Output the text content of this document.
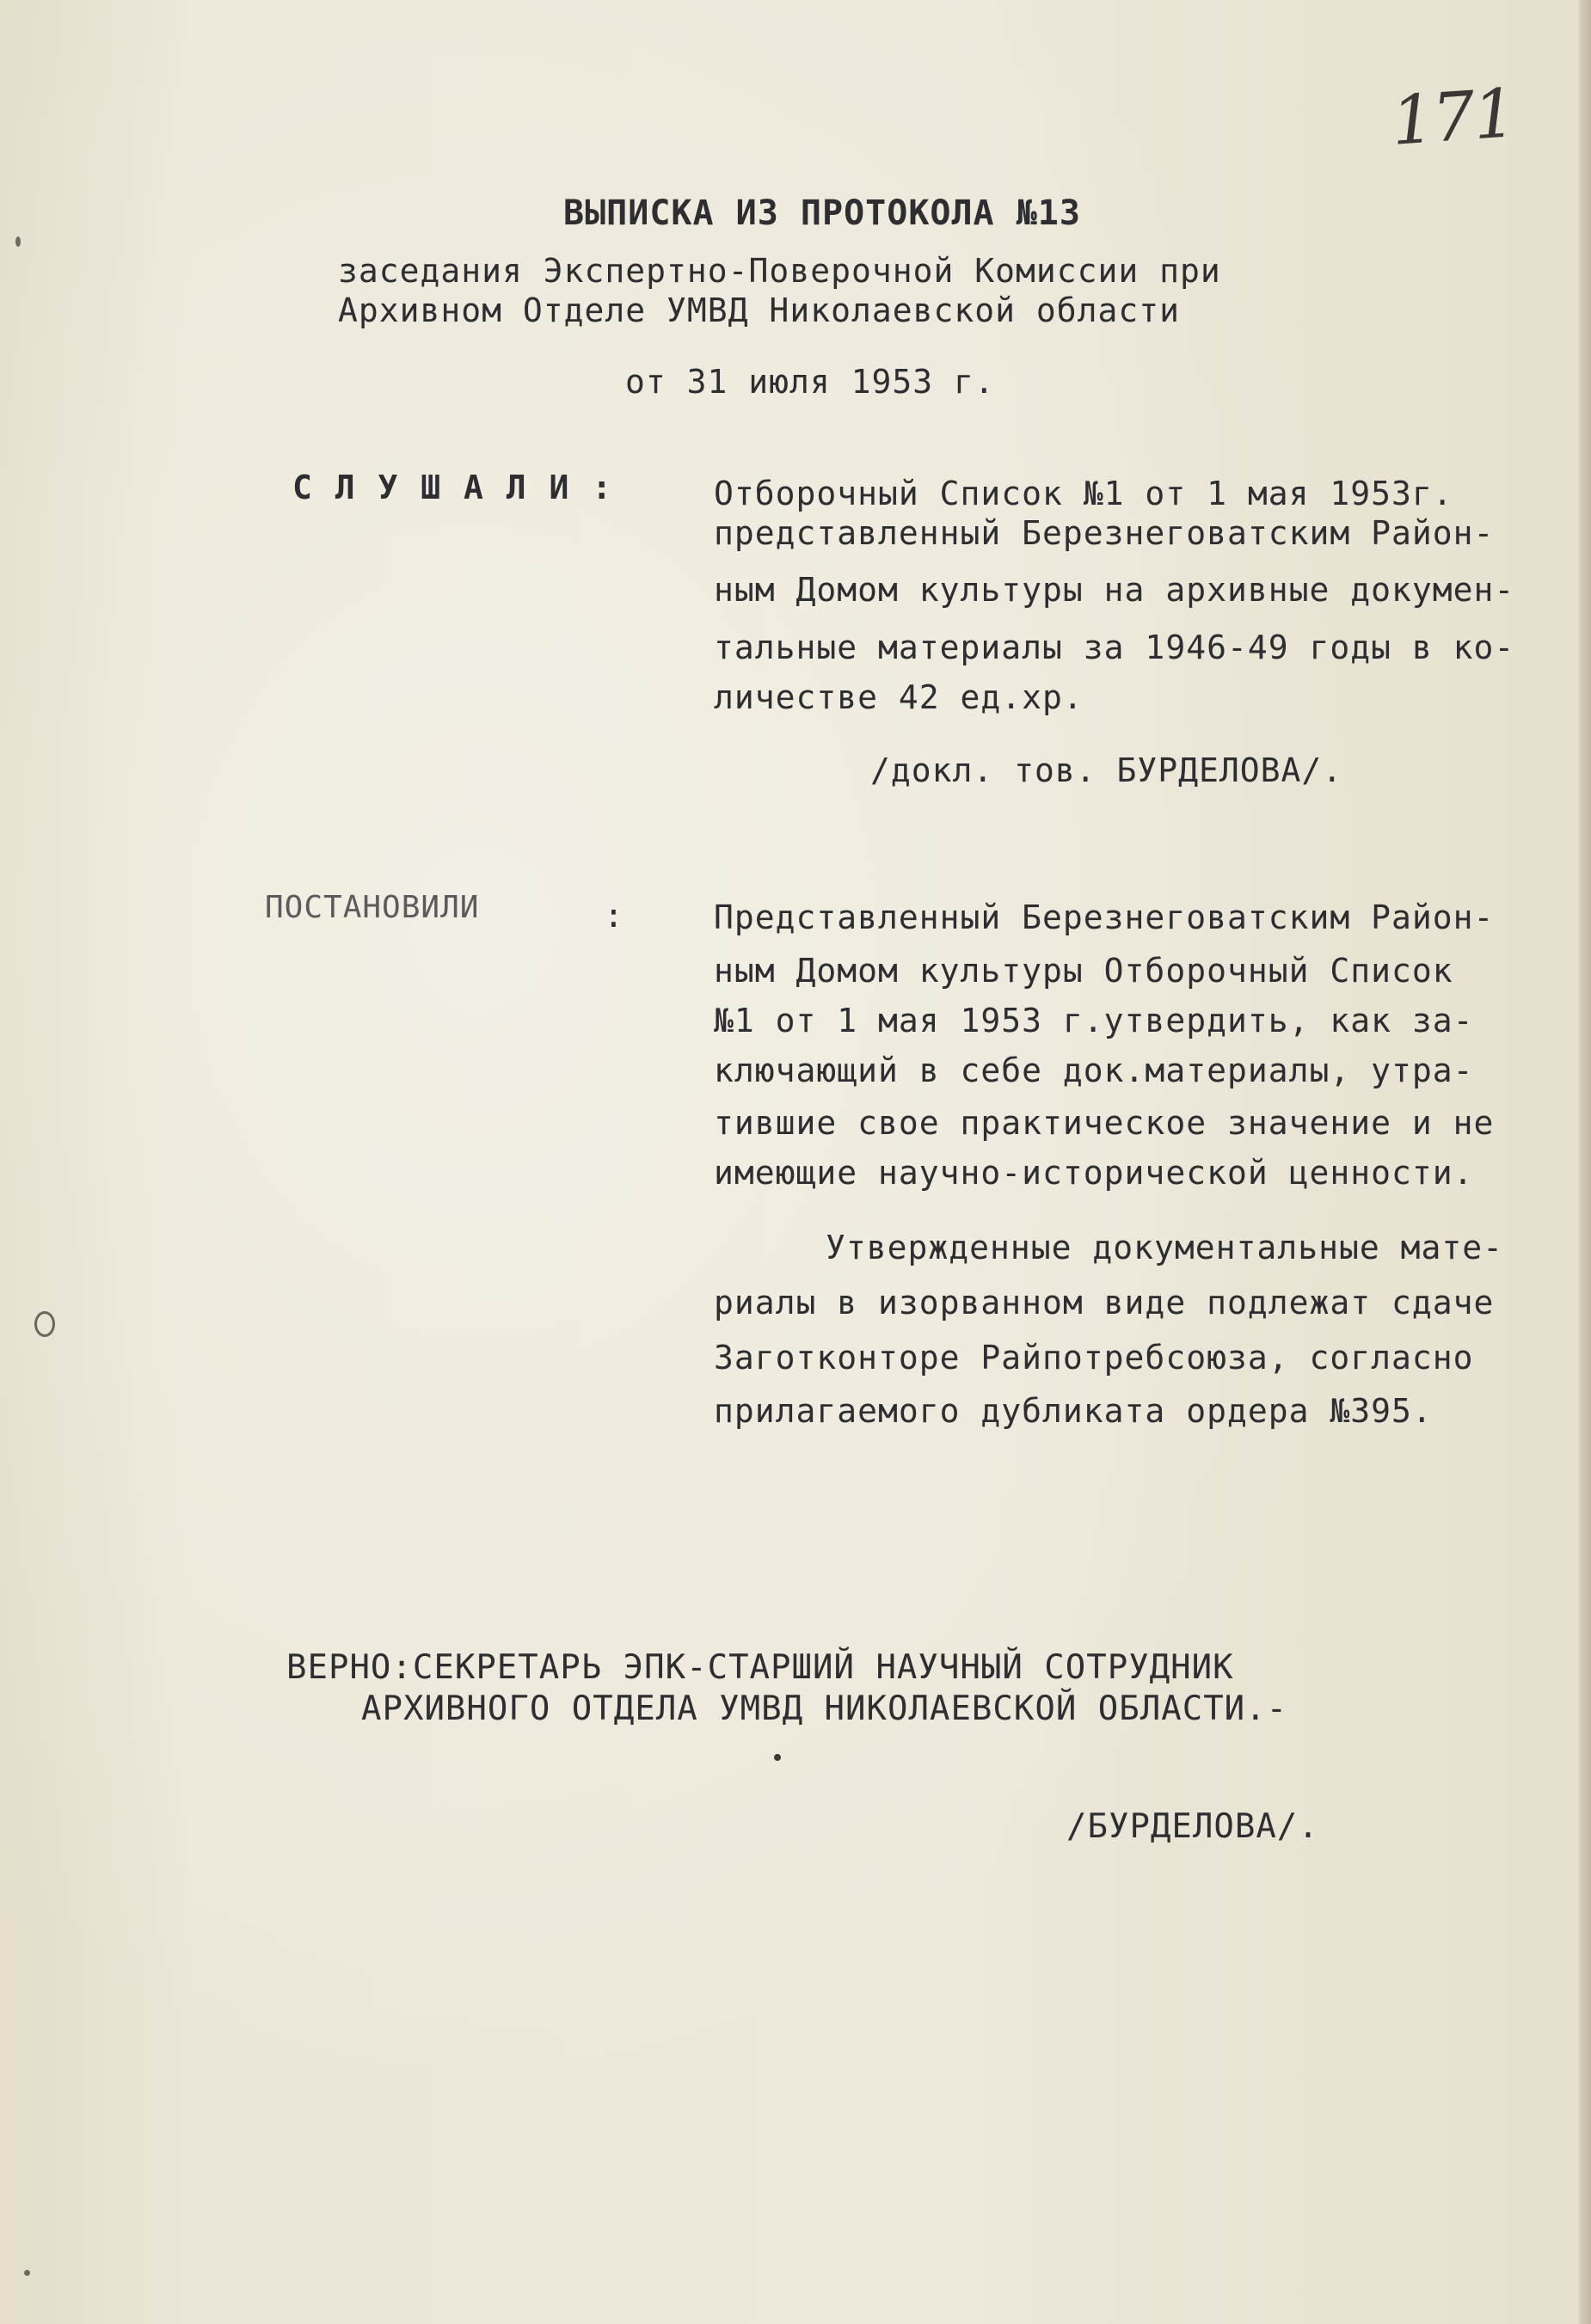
171
ВЫПИСКА ИЗ ПРОТОКОЛА №13
заседания Экспертно-Поверочной Комиссии при
Архивном Отделе УМВД Николаевской области
от 31 июля 1953 г.
С Л У Ш А Л И :	Отборочный Список №1 от 1 мая 1953г.
представленный Березнеговатским Район-
ным Домом культуры на архивные докумен-
тальные материалы за 1946-49 годы в ко-
личестве 42 ед.хр.
/докл. тов. БУРДЕЛОВА/.
ПОСТАНОВИЛИ	:	Представленный Березнеговатским Район-
ным Домом культуры Отборочный Список
№1 от 1 мая 1953 г.утвердить, как за-
ключающий в себе док.материалы, утра-
тившие свое практическое значение и не
имеющие научно-исторической ценности.
Утвержденные документальные мате-
риалы в изорванном виде подлежат сдаче
Заготконторе Райпотребсоюза, согласно
прилагаемого дубликата ордера №395.
ВЕРНО:СЕКРЕТАРЬ ЭПК-СТАРШИЙ НАУЧНЫЙ СОТРУДНИК
АРХИВНОГО ОТДЕЛА УМВД НИКОЛАЕВСКОЙ ОБЛАСТИ.-
/БУРДЕЛОВА/.
